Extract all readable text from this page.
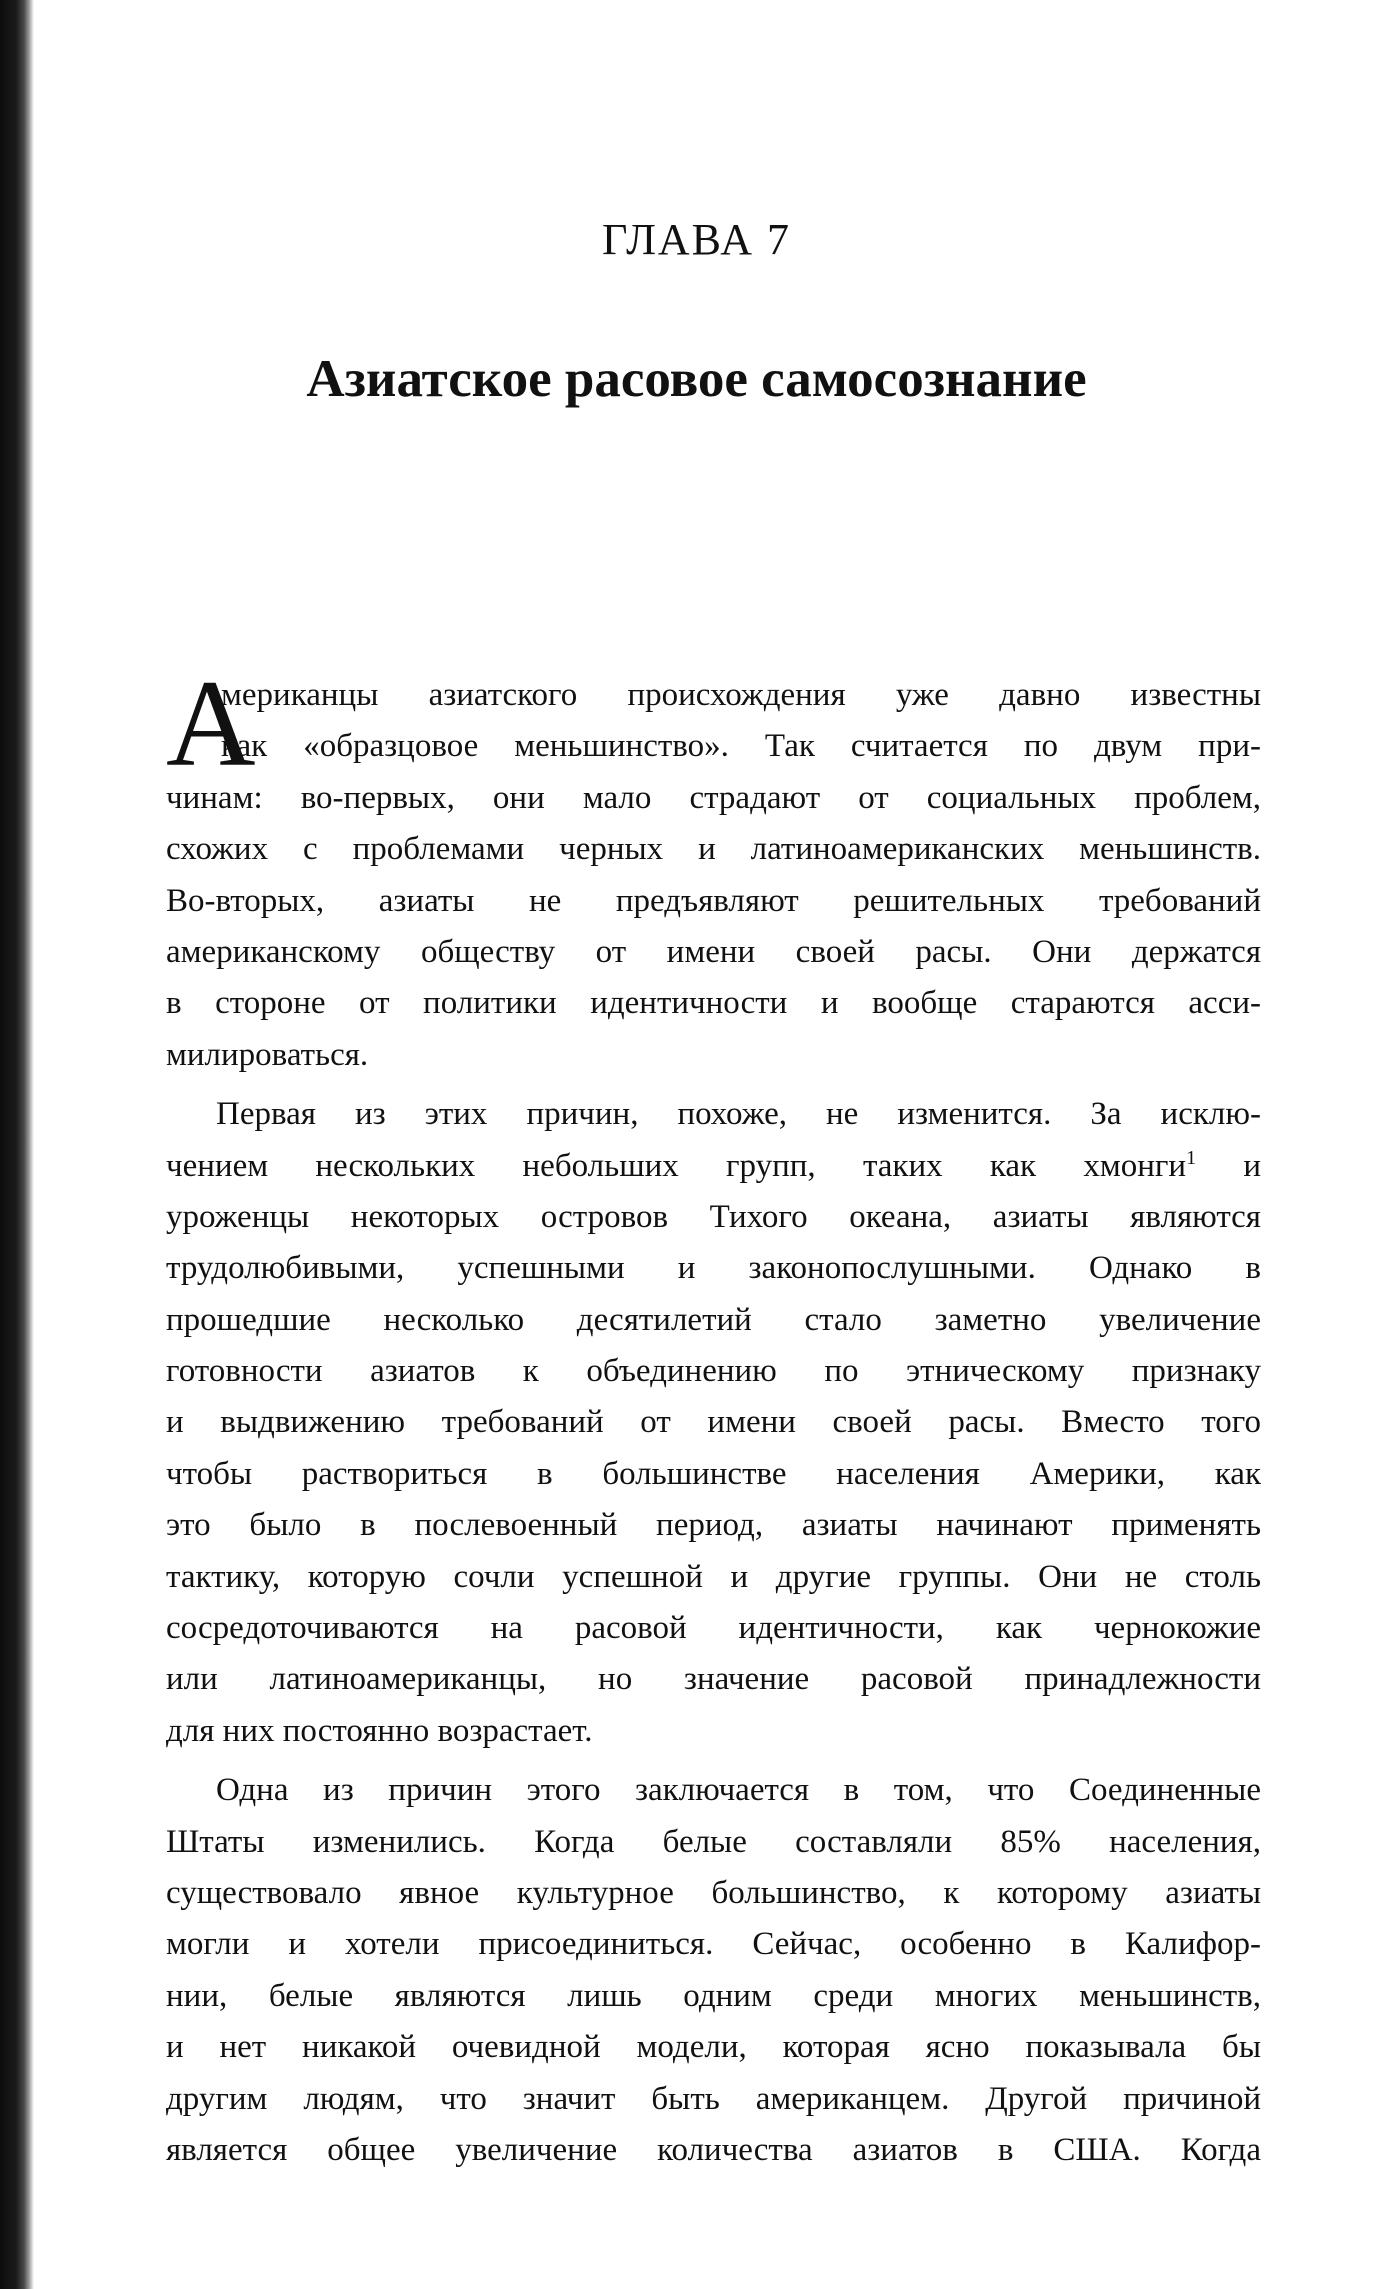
ГЛАВА 7
Азиатское расовое самосознание
А
мериканцы азиатского происхождения уже давно известны
как «образцовое меньшинство». Так считается по двум при-
чинам: во-первых, они мало страдают от социальных проблем,
схожих с проблемами черных и латиноамериканских меньшинств.
Во-вторых, азиаты не предъявляют решительных требований
американскому обществу от имени своей расы. Они держатся
в стороне от политики идентичности и вообще стараются асси-
милироваться.
Первая из этих причин, похоже, не изменится. За исклю-
чением нескольких небольших групп, таких как хмонги$^1$ и
уроженцы некоторых островов Тихого океана, азиаты являются
трудолюбивыми, успешными и законопослушными. Однако в
прошедшие несколько десятилетий стало заметно увеличение
готовности азиатов к объединению по этническому признаку
и выдвижению требований от имени своей расы. Вместо того
чтобы раствориться в большинстве населения Америки, как
это было в послевоенный период, азиаты начинают применять
тактику, которую сочли успешной и другие группы. Они не столь
сосредоточиваются на расовой идентичности, как чернокожие
или латиноамериканцы, но значение расовой принадлежности
для них постоянно возрастает.
Одна из причин этого заключается в том, что Соединенные
Штаты изменились. Когда белые составляли 85% населения,
существовало явное культурное большинство, к которому азиаты
могли и хотели присоединиться. Сейчас, особенно в Калифор-
нии, белые являются лишь одним среди многих меньшинств,
и нет никакой очевидной модели, которая ясно показывала бы
другим людям, что значит быть американцем. Другой причиной
является общее увеличение количества азиатов в США. Когда
